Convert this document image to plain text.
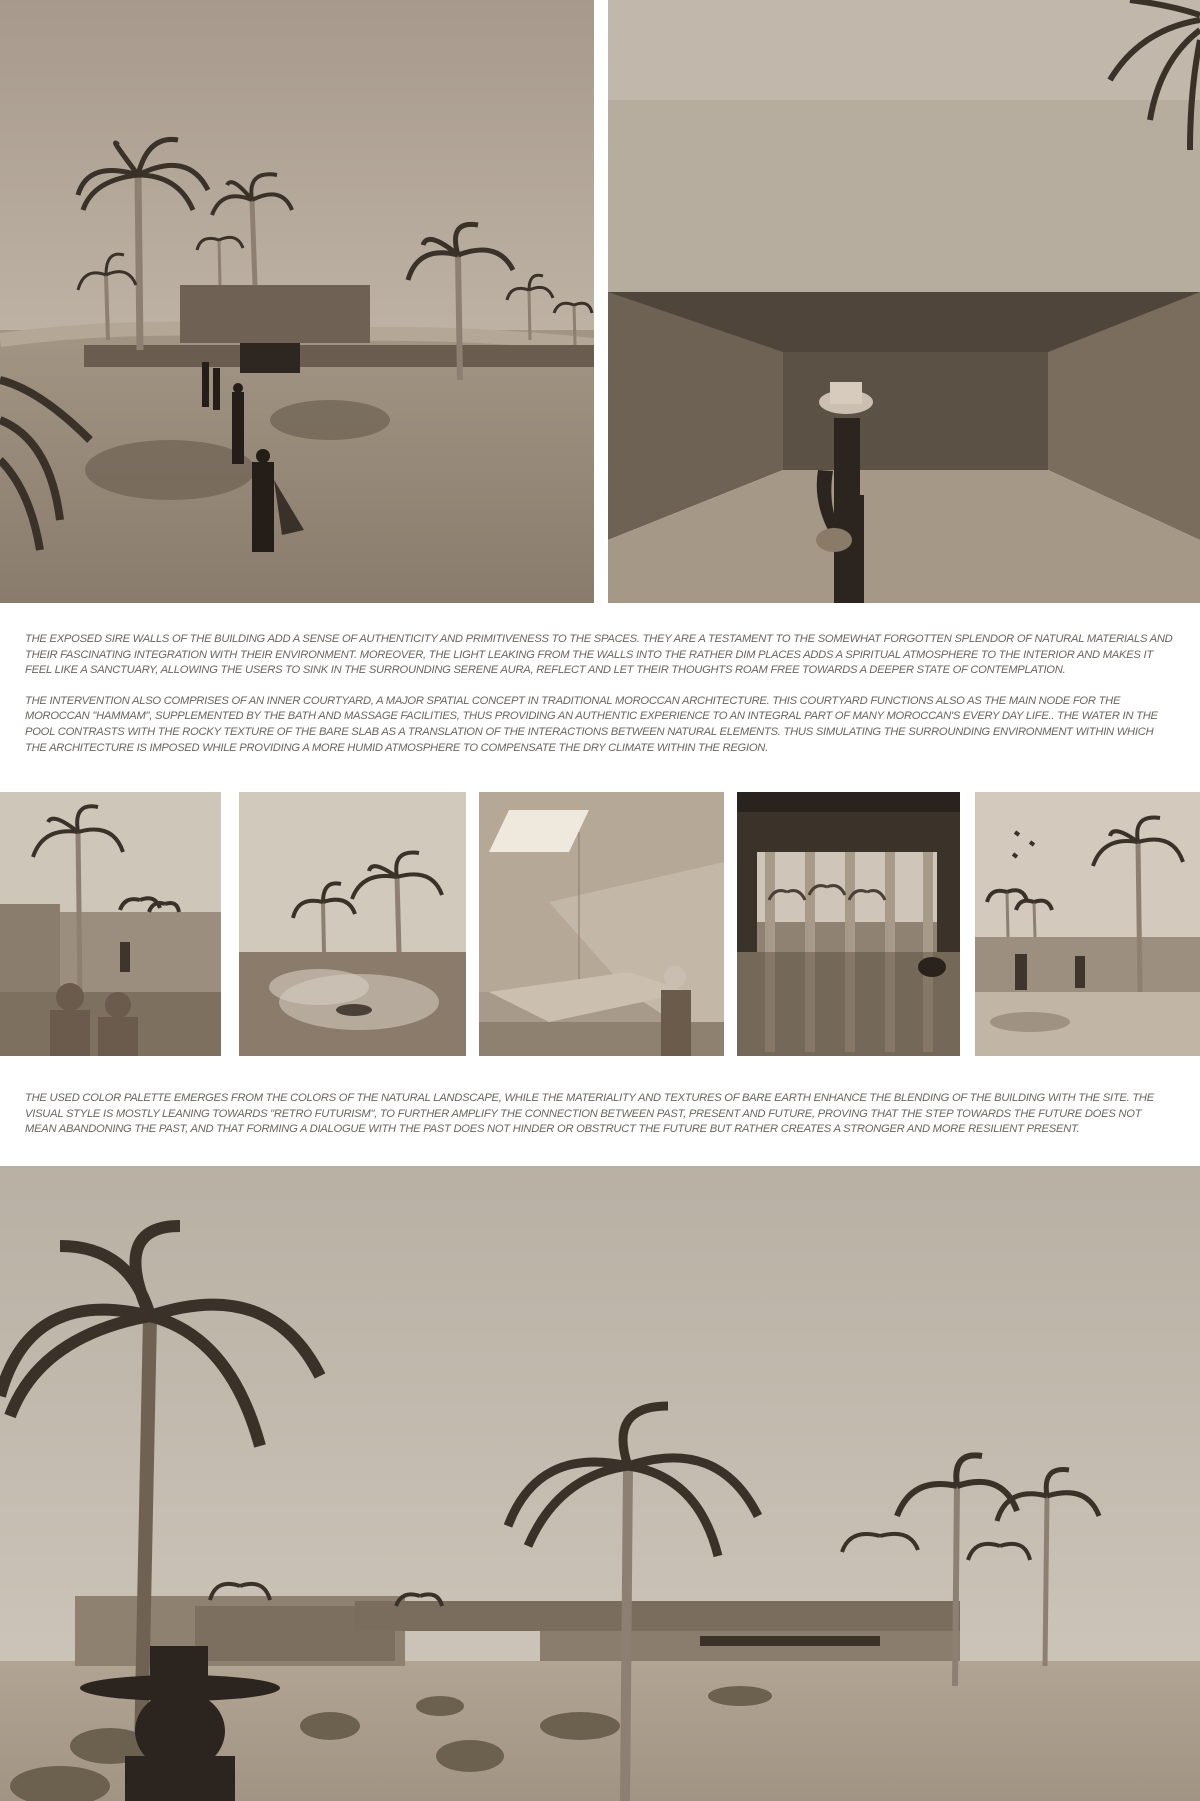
THE EXPOSED SIRE WALLS OF THE BUILDING ADD A SENSE OF AUTHENTICITY AND PRIMITIVENESS TO THE SPACES. THEY ARE A TESTAMENT TO THE SOMEWHAT FORGOTTEN SPLENDOR OF NATURAL MATERIALS AND THEIR FASCINATING INTEGRATION WITH THEIR ENVIRONMENT. MOREOVER, THE LIGHT LEAKING FROM THE WALLS INTO THE RATHER DIM PLACES ADDS A SPIRITUAL ATMOSPHERE TO THE INTERIOR AND MAKES IT FEEL LIKE A SANCTUARY, ALLOWING THE USERS TO SINK IN THE SURROUNDING SERENE AURA, REFLECT AND LET THEIR THOUGHTS ROAM FREE TOWARDS A DEEPER STATE OF CONTEMPLATION.

THE INTERVENTION ALSO COMPRISES OF AN INNER COURTYARD, A MAJOR SPATIAL CONCEPT IN TRADITIONAL MOROCCAN ARCHITECTURE. THIS COURTYARD FUNCTIONS ALSO AS THE MAIN NODE FOR THE MOROCCAN "HAMMAM", SUPPLEMENTED BY THE BATH AND MASSAGE FACILITIES, THUS PROVIDING AN AUTHENTIC EXPERIENCE TO AN INTEGRAL PART OF MANY MOROCCAN'S EVERY DAY LIFE.. THE WATER IN THE POOL CONTRASTS WITH THE ROCKY TEXTURE OF THE BARE SLAB AS A TRANSLATION OF THE INTERACTIONS BETWEEN NATURAL ELEMENTS. THUS SIMULATING THE SURROUNDING ENVIRONMENT WITHIN WHICH THE ARCHITECTURE IS IMPOSED WHILE PROVIDING A MORE HUMID ATMOSPHERE TO COMPENSATE THE DRY CLIMATE WITHIN THE REGION.

THE USED COLOR PALETTE EMERGES FROM THE COLORS OF THE NATURAL LANDSCAPE, WHILE THE MATERIALITY AND TEXTURES OF BARE EARTH ENHANCE THE BLENDING OF THE BUILDING WITH THE SITE. THE VISUAL STYLE IS MOSTLY LEANING TOWARDS "RETRO FUTURISM", TO FURTHER AMPLIFY THE CONNECTION BETWEEN PAST, PRESENT AND FUTURE, PROVING THAT THE STEP TOWARDS THE FUTURE DOES NOT MEAN ABANDONING THE PAST, AND THAT FORMING A DIALOGUE WITH THE PAST DOES NOT HINDER OR OBSTRUCT THE FUTURE BUT RATHER CREATES A STRONGER AND MORE RESILIENT PRESENT.
